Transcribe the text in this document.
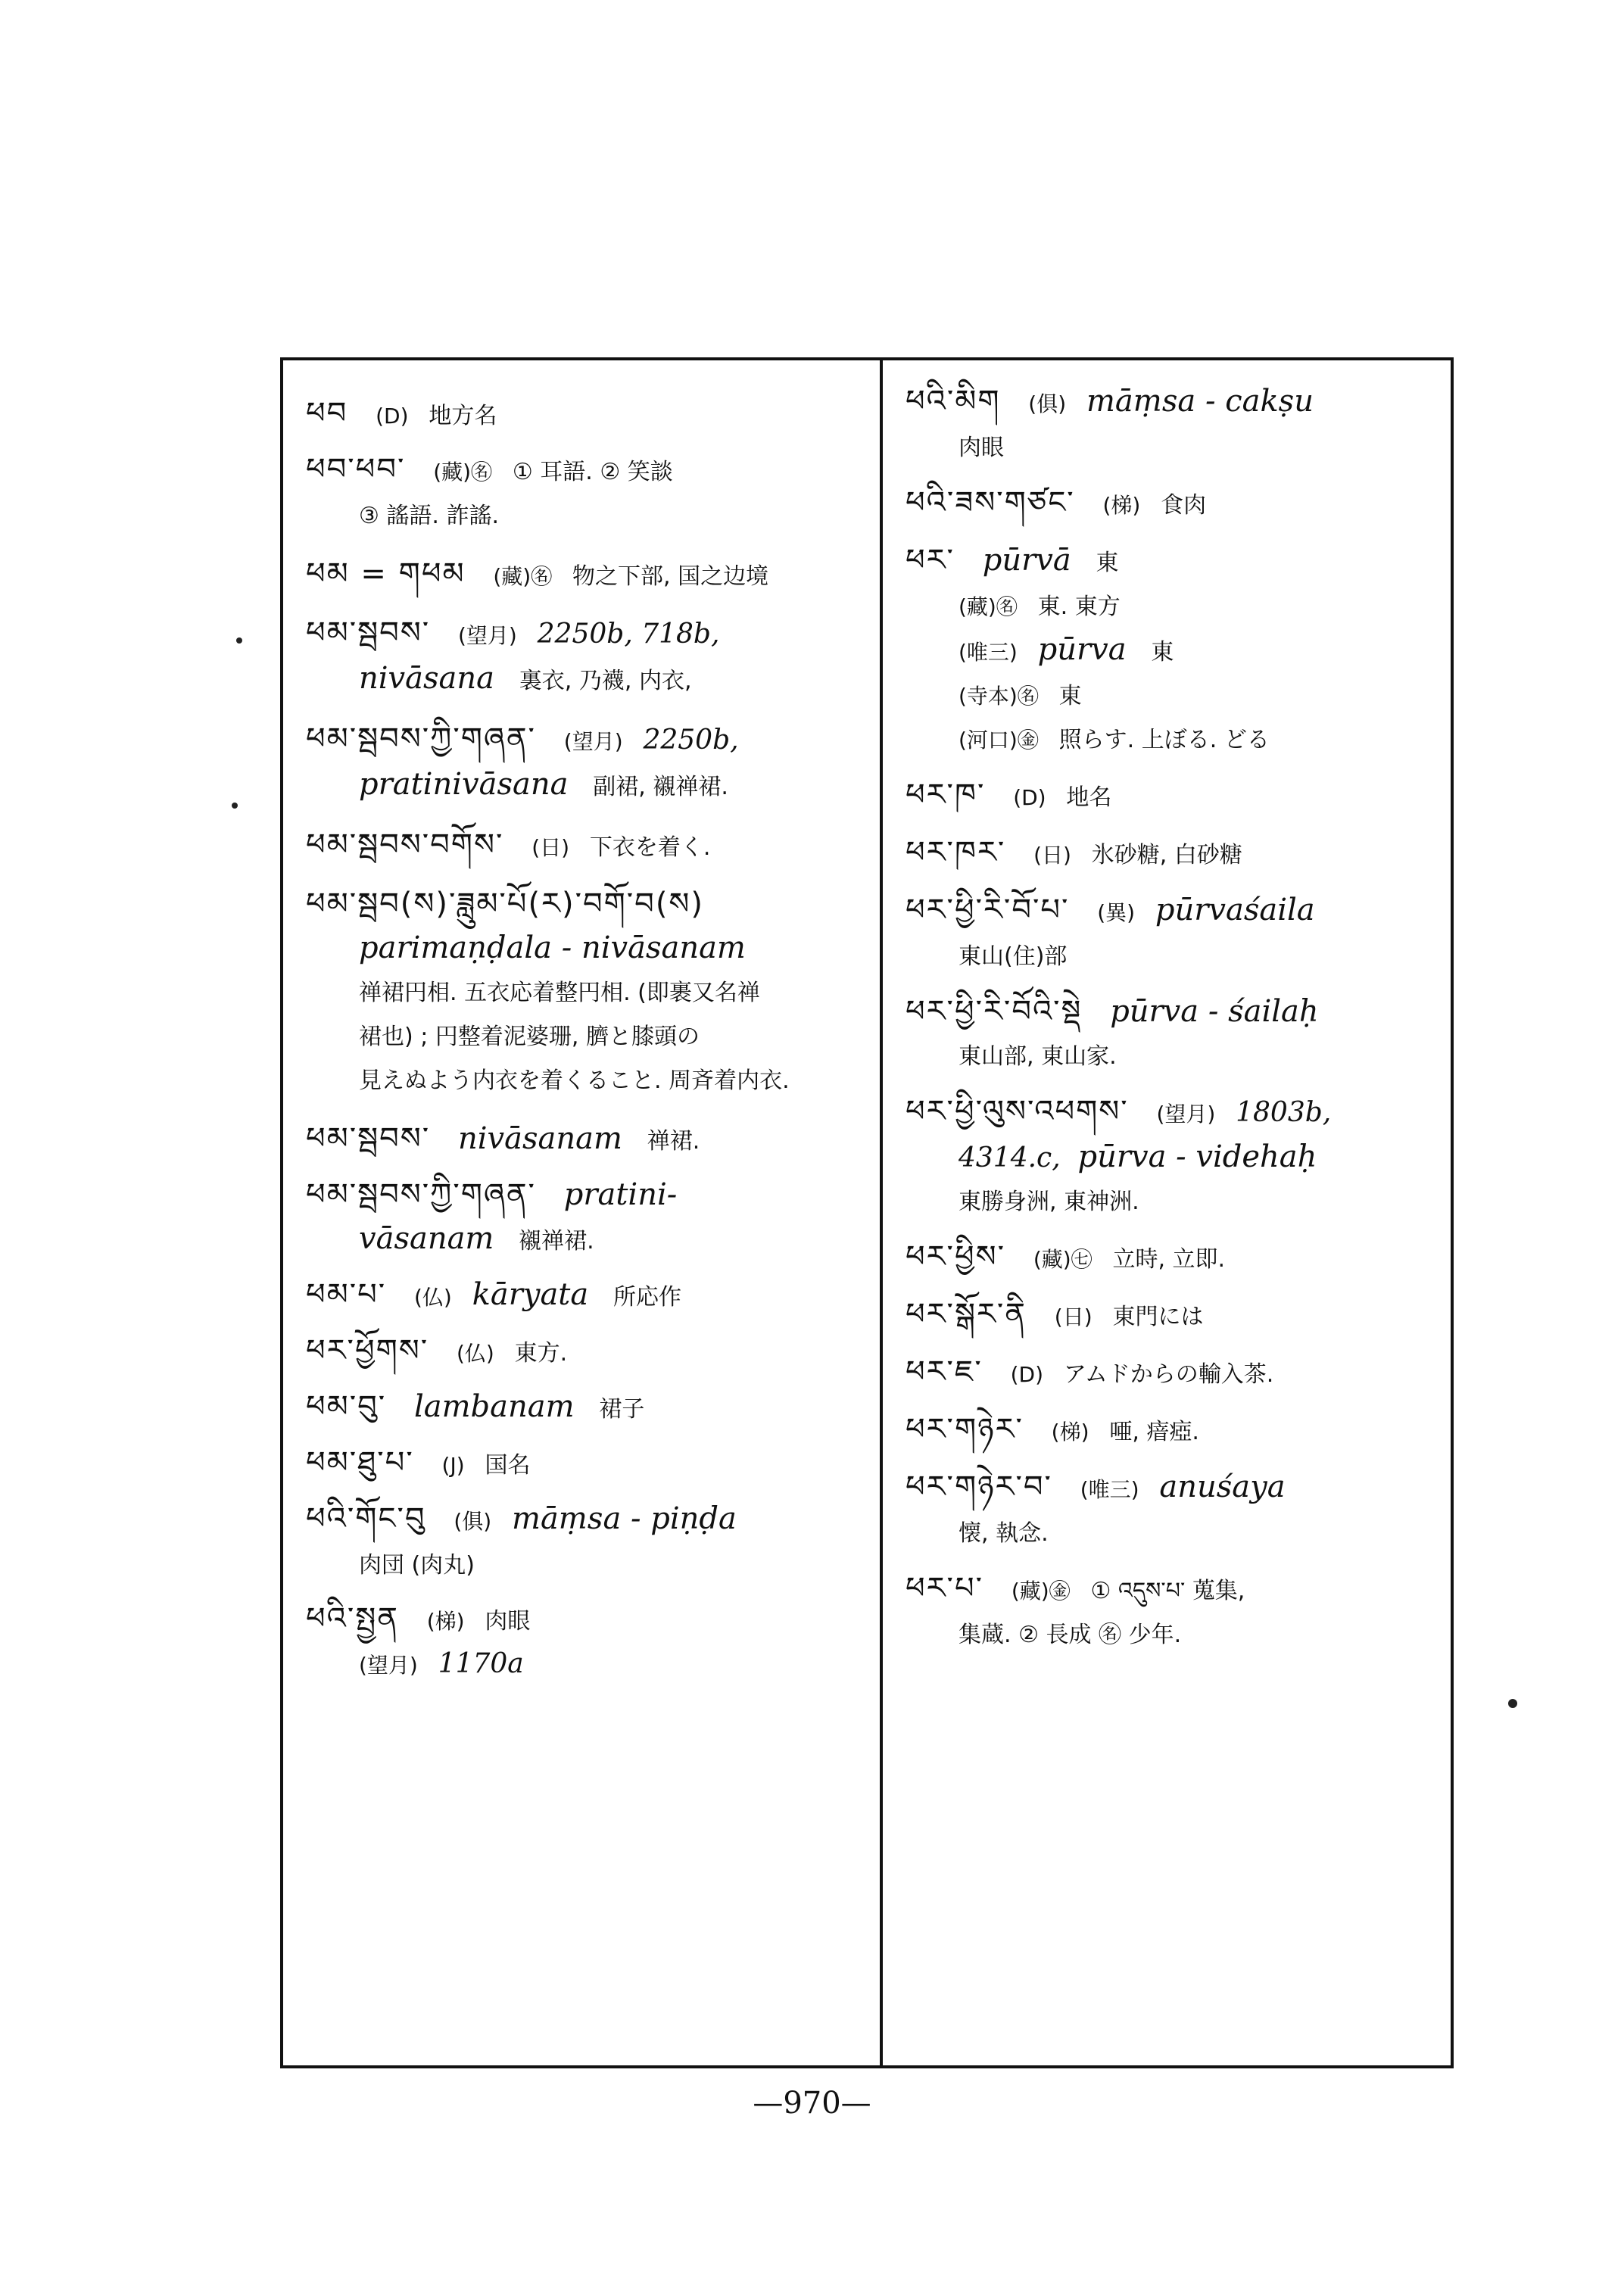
ཕབ (D) 地方名
ཕབ་ཕབ་ (藏)㊔ ① 耳語. ② 笑談
③ 謠語. 詐謠.
ཕམ = གཕམ (藏)㊔ 物之下部, 国之边境
ཕམ་སྦབས་ (望月) 2250b, 718b,
nivāsana 裏衣, 乃襪, 内衣,
ཕམ་སྦབས་ཀྱི་གཞན་ (望月) 2250b,
pratinivāsana 副裙, 襯禅裙.
ཕམ་སྦབས་བགོས་ (日) 下衣を着く.
ཕམ་སྦབ(ས)་ཟླུམ་པོ(ར)་བགོ་བ(ས)
parimaṇḍala - nivāsanam
禅裙円相. 五衣応着整円相. (即裹又名禅
裙也) ; 円整着泥婆珊, 臍と膝頭の
見えぬよう内衣を着くること. 周斉着内衣.
ཕམ་སྦབས་ nivāsanam 禅裙.
ཕམ་སྦབས་ཀྱི་གཞན་ pratini-
vāsanam 襯禅裙.
ཕམ་པ་ (仏) kāryata 所応作
ཕར་ཕྱོགས་ (仏) 東方.
ཕམ་བུ་ lambanam 裙子
ཕམ་ཐུ་པ་ (J) 国名
ཕའི་གོང་བུ (俱) māṃsa - piṇḍa
肉団 (肉丸)
ཕའི་སྤྱན (梯) 肉眼
(望月) 1170a
ཕའི་མིག (俱) māṃsa - cakṣu
肉眼
ཕའི་ཟས་གཙང་ (梯) 食肉
ཕར་ pūrvā 東
(藏)㊔ 東. 東方
(唯三) pūrva 東
(寺本)㊔ 東
(河口)㊎ 照らす. 上ぼる. どる
ཕར་ཁ་ (D) 地名
ཕར་ཁར་ (日) 氷砂糖, 白砂糖
ཕར་ཕྱི་རི་བོ་པ་ (異) pūrvaśaila
東山(住)部
ཕར་ཕྱི་རི་བོའི་སྡེ pūrva - śailaḥ
東山部, 東山家.
ཕར་ཕྱི་ལུས་འཕགས་ (望月) 1803b,
4314.c, pūrva - videhaḥ
東勝身洲, 東神洲.
ཕར་ཕྱིས་ (藏)㊆ 立時, 立即.
ཕར་སྒོར་ནི (日) 東門には
ཕར་ཇ་ (D) アムドからの輸入茶.
ཕར་གཉེར་ (梯) 唖, 瘖瘂.
ཕར་གཉེར་བ་ (唯三) anuśaya
懐, 執念.
ཕར་པ་ (藏)㊎ ① འདུས་པ་ 蒐集,
集蔵. ② 長成 ㊔ 少年.
—970—
